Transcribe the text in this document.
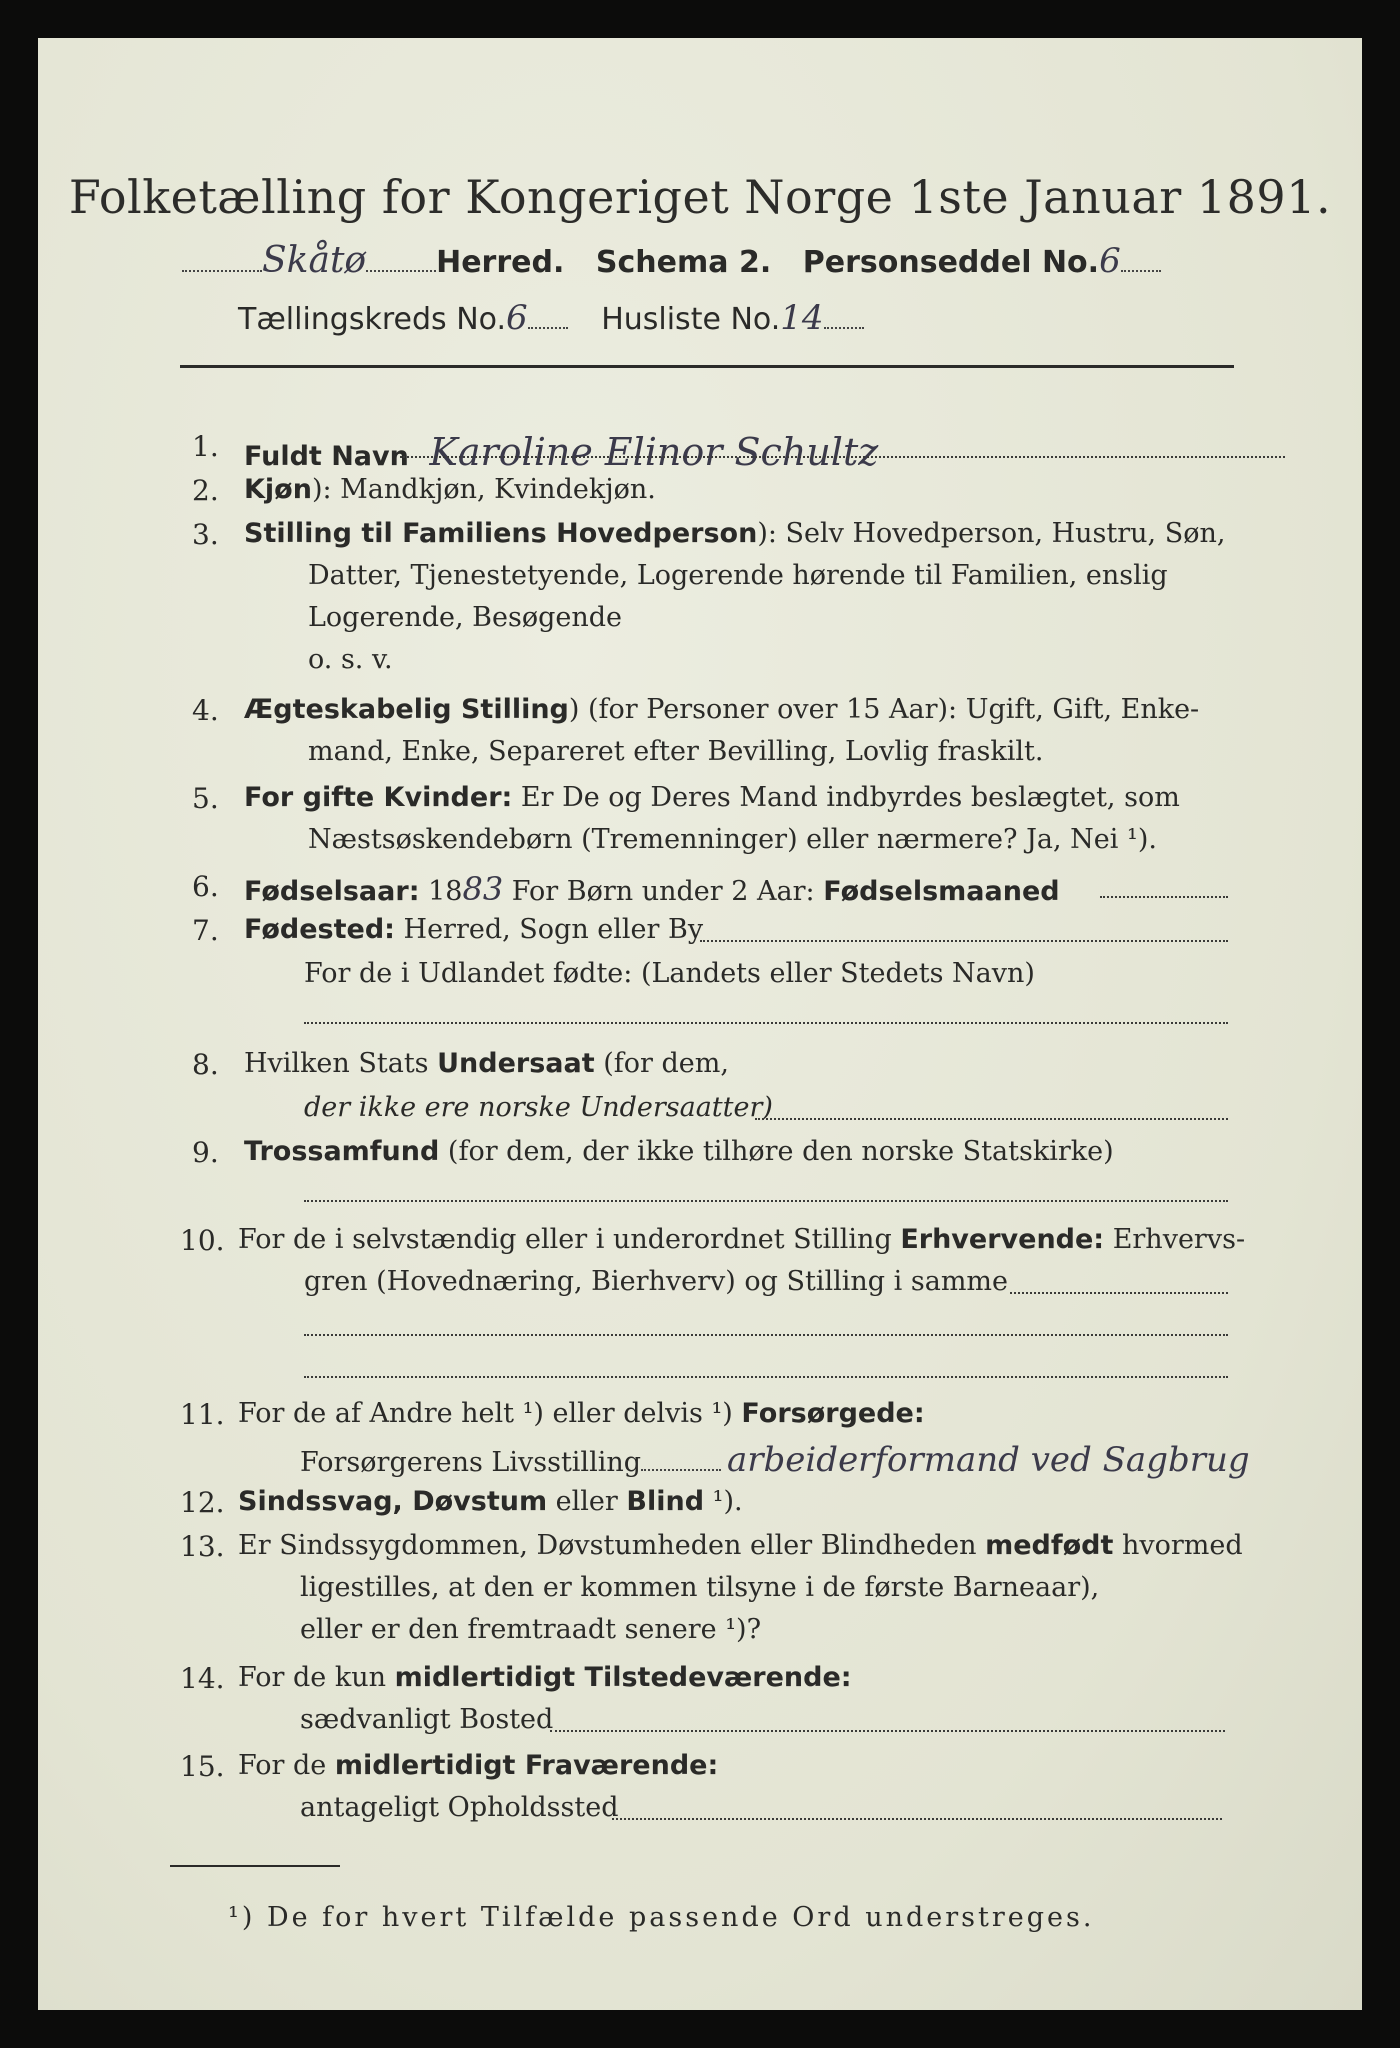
Folketælling for Kongeriget Norge 1ste Januar 1891.
Skåtø Herred. Schema 2. Personseddel No.6
Tællingskreds No.6 Husliste No.14
1. Fuldt Navn Karoline Elinor Schultz
2. Kjøn): Mandkjøn, Kvindekjøn.
3. Stilling til Familiens Hovedperson): Selv Hovedperson, Hustru, Søn,
Datter, Tjenestetyende, Logerende hørende til Familien, enslig
Logerende, Besøgende
o. s. v.
4. Ægteskabelig Stilling) (for Personer over 15 Aar): Ugift, Gift, Enke-
mand, Enke, Separeret efter Bevilling, Lovlig fraskilt.
5. For gifte Kvinder: Er De og Deres Mand indbyrdes beslægtet, som
Næstsøskendebørn (Tremenninger) eller nærmere? Ja, Nei ¹).
6. Fødselsaar: 1883 For Børn under 2 Aar: Fødselsmaaned
7. Fødested: Herred, Sogn eller By
For de i Udlandet fødte: (Landets eller Stedets Navn)
8. Hvilken Stats Undersaat (for dem,
der ikke ere norske Undersaatter)
9. Trossamfund (for dem, der ikke tilhøre den norske Statskirke)
10. For de i selvstændig eller i underordnet Stilling Erhvervende: Erhvervs-
gren (Hovednæring, Bierhverv) og Stilling i samme
11. For de af Andre helt ¹) eller delvis ¹) Forsørgede:
Forsørgerens Livsstilling	arbeiderformand ved Sagbrug
12. Sindssvag, Døvstum eller Blind ¹).
13. Er Sindssygdommen, Døvstumheden eller Blindheden medfødt hvormed
ligestilles, at den er kommen tilsyne i de første Barneaar),
eller er den fremtraadt senere ¹)?
14. For de kun midlertidigt Tilstedeværende:
sædvanligt Bosted
15. For de midlertidigt Fraværende:
antageligt Opholdssted
¹) De for hvert Tilfælde passende Ord understreges.
